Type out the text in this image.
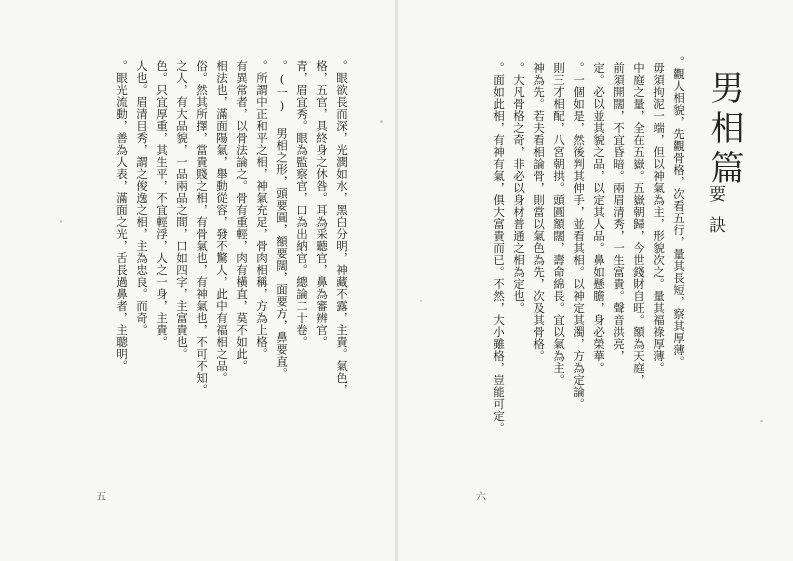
男相篇
要訣
。觀人相貌，先觀骨格，次看五行，量其長短，察其厚薄。
毋須拘泥一端，但以神氣為主，形貌次之。量其福祿厚薄。
中庭之量，全在五嶽。五嶽朝歸，今世錢財自旺。額為天庭，
前須開闊，不宜昏暗。兩眉清秀，一生富貴。聲音洪亮，
定。必以並其貌之品，以定其人品。鼻如懸膽，身必榮華。
。一個如是，然後判其伸手，並看其相。以神定其濁，方為定論。
則三才相配，八宮朝拱。頭圓額闊，壽命綿長。宜以氣為主。
神為先。若夫看相論骨，則當以氣色為先，次及其骨格。
。大凡骨格之奇，非必以身材普通之相為定也。
。面如此相，有神有氣，俱大富貴而已。不然，大小雖格，豈能可定。
。眼欲長而深，光潤如水，黑白分明，神藏不露，主貴。氣色，
格，五官，具終身之休咎。耳為采聽官，鼻為審辨官。
青，眉宜秀。眼為監察官，口為出納官。總論二十卷。
。(一) 男相之形，頭要圓，額要闊，面要方，鼻要直。
。所謂中正和平之相，神氣充足，骨肉相稱，方為上格。
有異常者，以骨法論之。骨有重輕，肉有橫直，莫不如此。
相法也，滿面陽氣，舉動從容，發不驚人，此中有福相之品。
俗。然其所擇，當貴賤之相，有骨氣也，有神氣也，不可不知。
之人，有大品貌，一品兩品之間，口如四字，主富貴也。
色。只宜厚重，其生平，不宜輕浮，人之一身，主貴。
人也。眉清目秀，謂之俊逸之相，主為忠良。而奇。
。眼光流動，善為人表，滿面之光，舌長過鼻者，主聰明。
五	六
